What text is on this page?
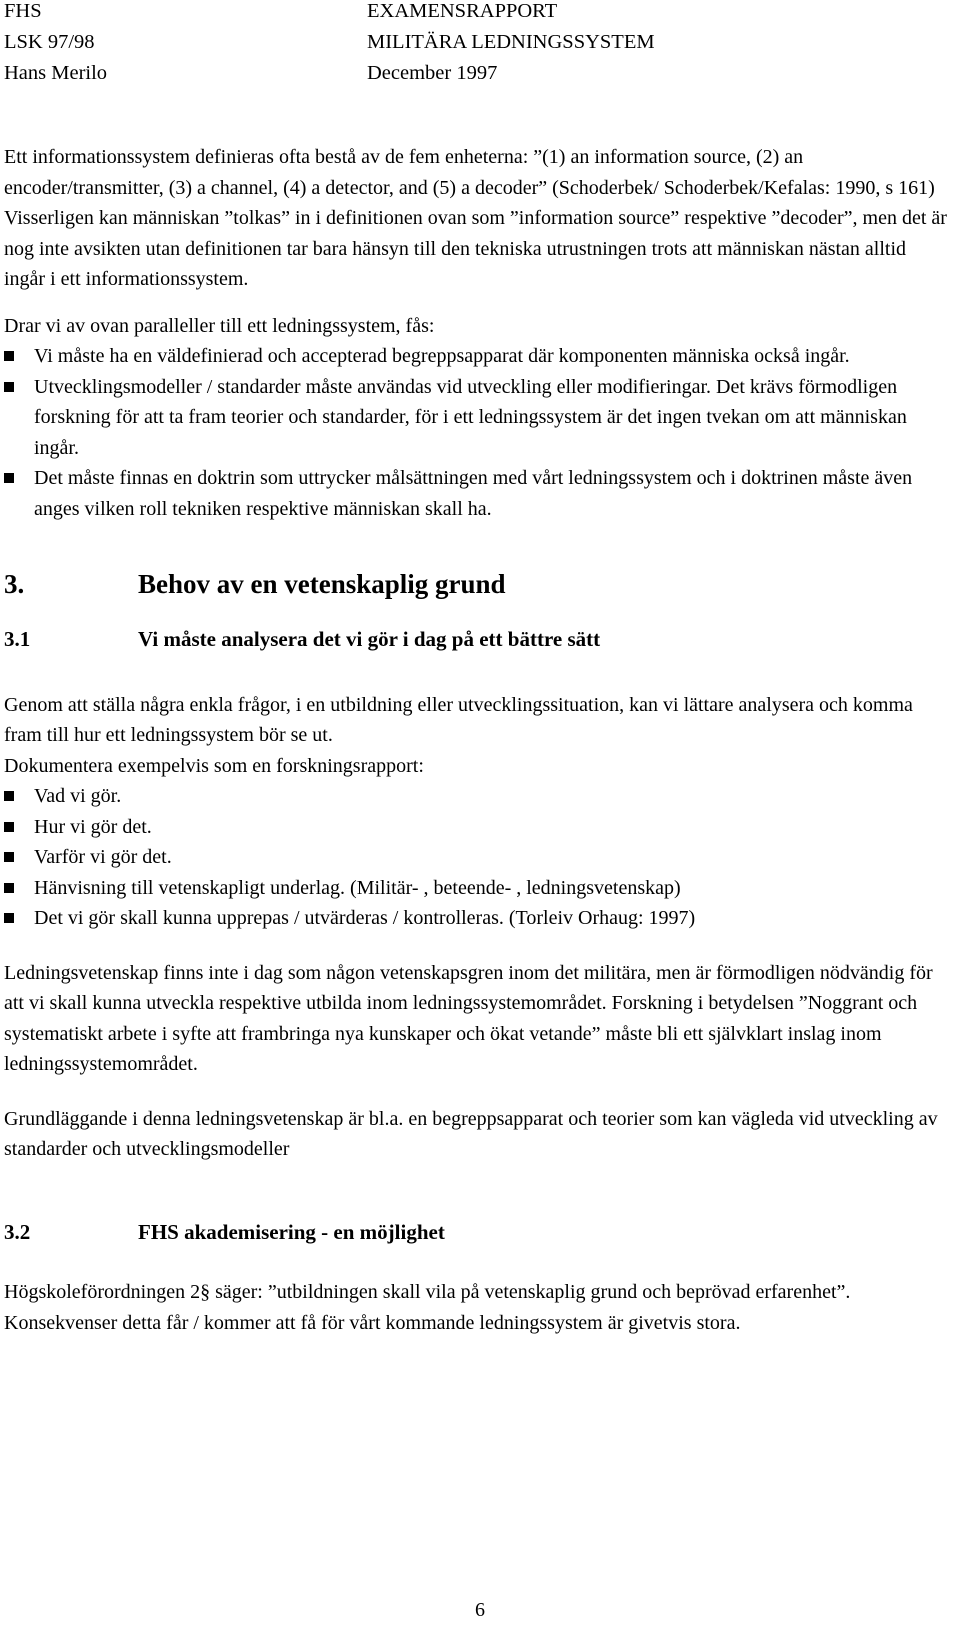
FHS	EXAMENSRAPPORT
LSK 97/98	MILITÄRA LEDNINGSSYSTEM
Hans Merilo	December 1997

Ett informationssystem definieras ofta bestå av de fem enheterna: ”(1) an information source, (2) an encoder/transmitter, (3) a channel, (4) a detector, and (5) a decoder” (Schoderbek/ Schoderbek/Kefalas: 1990, s 161)

Visserligen kan människan ”tolkas” in i definitionen ovan som ”information source” respektive ”decoder”, men det är nog inte avsikten utan definitionen tar bara hänsyn till den tekniska utrustningen trots att människan nästan alltid ingår i ett informationssystem.

Drar vi av ovan paralleller till ett ledningssystem, fås:

Vi måste ha en väldefinierad och accepterad begreppsapparat där komponenten människa också ingår.
Utvecklingsmodeller / standarder måste användas vid utveckling eller modifieringar. Det krävs förmodligen forskning för att ta fram teorier och standarder, för i ett ledningssystem är det ingen tvekan om att människan ingår.
Det måste finnas en doktrin som uttrycker målsättningen med vårt ledningssystem och i doktrinen måste även anges vilken roll tekniken respektive människan skall ha.
3.	Behov av en vetenskaplig grund
3.1	Vi måste analysera det vi gör i dag på ett bättre sätt

Genom att ställa några enkla frågor, i en utbildning eller utvecklingssituation, kan vi lättare analysera och komma fram till hur ett ledningssystem bör se ut.

Dokumentera exempelvis som en forskningsrapport:

Vad vi gör.
Hur vi gör det.
Varför vi gör det.
Hänvisning till vetenskapligt underlag. (Militär- , beteende- , ledningsvetenskap)
Det vi gör skall kunna upprepas / utvärderas / kontrolleras. (Torleiv Orhaug: 1997)

Ledningsvetenskap finns inte i dag som någon vetenskapsgren inom det militära, men är förmodligen nödvändig för att vi skall kunna utveckla respektive utbilda inom ledningssystemområdet. Forskning i betydelsen ”Noggrant och systematiskt arbete i syfte att frambringa nya kunskaper och ökat vetande” måste bli ett självklart inslag inom ledningssystemområdet.

Grundläggande i denna ledningsvetenskap är bl.a. en begreppsapparat och teorier som kan vägleda vid utveckling av standarder och utvecklingsmodeller

3.2	FHS akademisering - en möjlighet

Högskoleförordningen 2§ säger: ”utbildningen skall vila på vetenskaplig grund och beprövad erfarenhet”. Konsekvenser detta får / kommer att få för vårt kommande ledningssystem är givetvis stora.

6
